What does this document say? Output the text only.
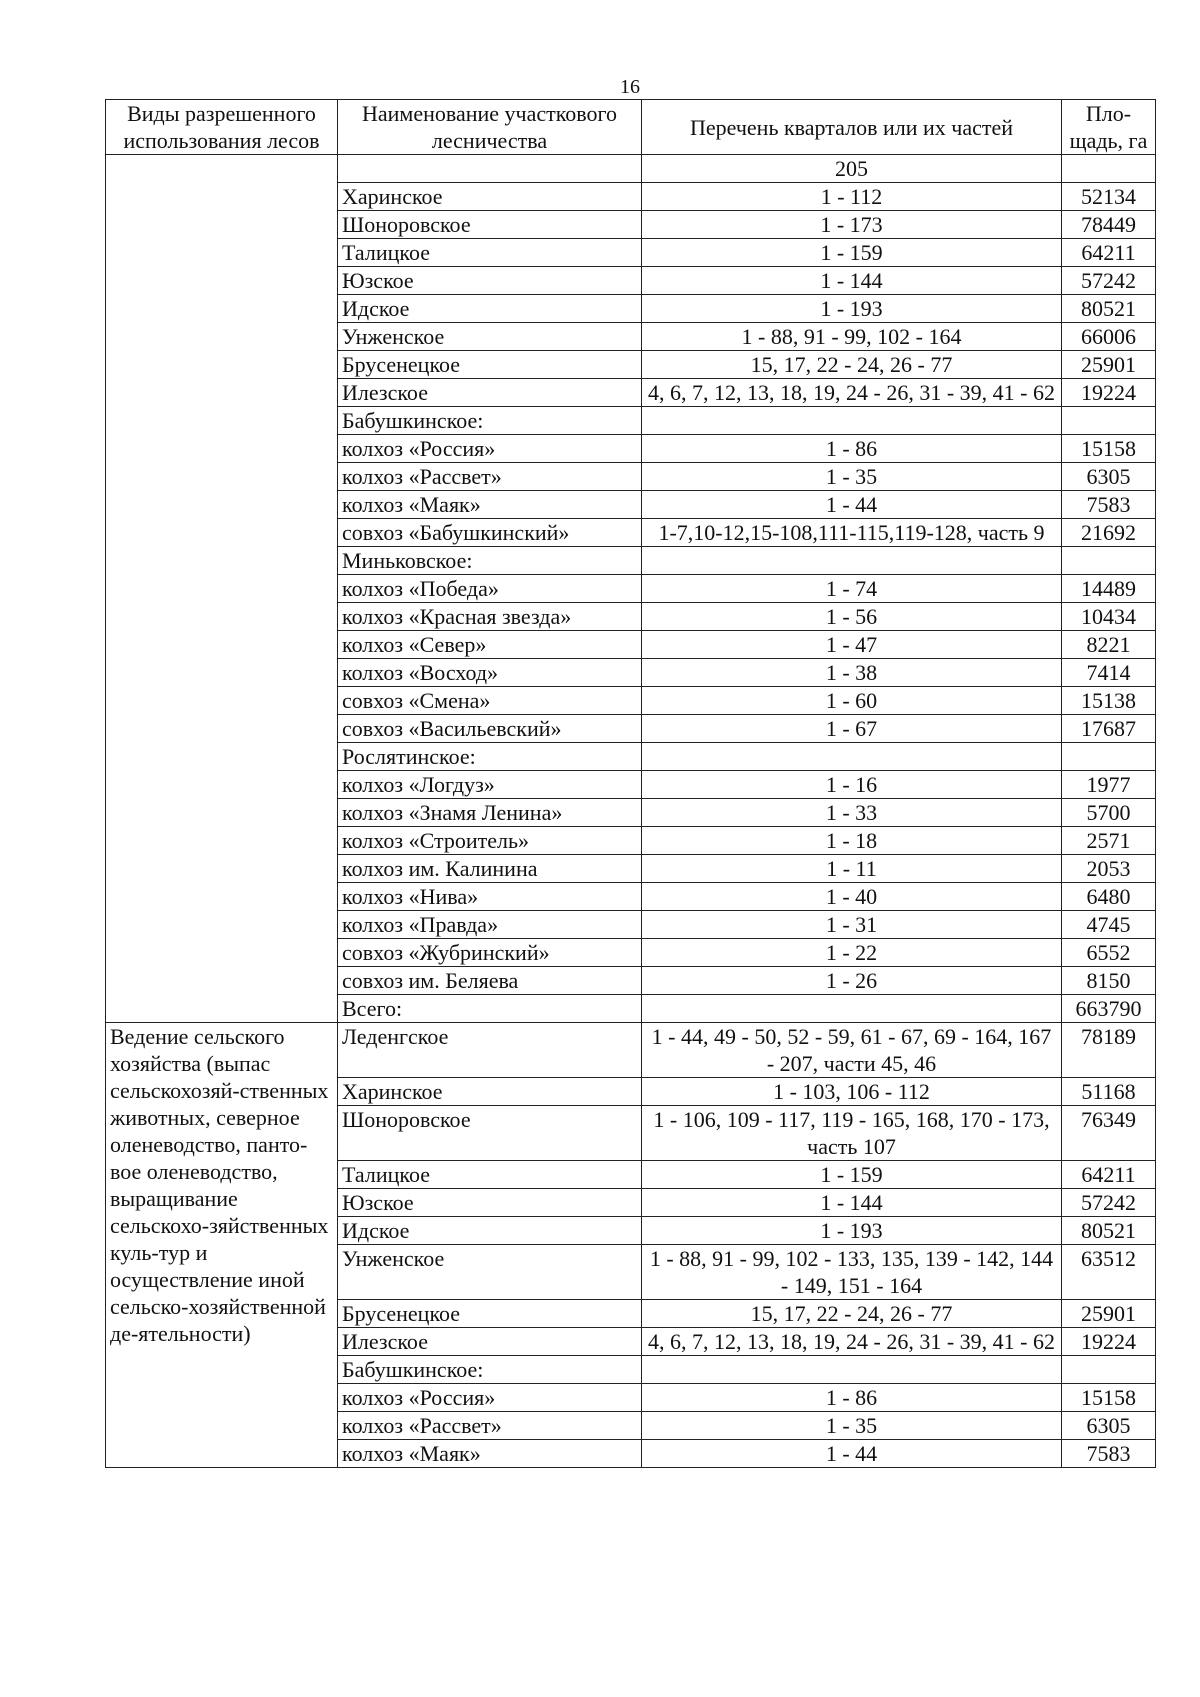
16
Виды разрешенного использования лесов	Наименование участкового лесничества	Перечень кварталов или их частей	Пло-щадь, га

		205	
	Харинское	1 - 112	52134
	Шоноровское	1 - 173	78449
	Талицкое	1 - 159	64211
	Юзское	1 - 144	57242
	Идское	1 - 193	80521
	Унженское	1 - 88, 91 - 99, 102 - 164	66006
	Брусенецкое	15, 17, 22 - 24, 26 - 77	25901
	Илезское	4, 6, 7, 12, 13, 18, 19, 24 - 26, 31 - 39, 41 - 62	19224
	Бабушкинское:		
	колхоз «Россия»	1 - 86	15158
	колхоз «Рассвет»	1 - 35	6305
	колхоз «Маяк»	1 - 44	7583
	совхоз «Бабушкинский»	1-7,10-12,15-108,111-115,119-128, часть 9	21692
	Миньковское:		
	колхоз «Победа»	1 - 74	14489
	колхоз «Красная звезда»	1 - 56	10434
	колхоз «Север»	1 - 47	8221
	колхоз «Восход»	1 - 38	7414
	совхоз «Смена»	1 - 60	15138
	совхоз «Васильевский»	1 - 67	17687
	Рослятинское:		
	колхоз «Логдуз»	1 - 16	1977
	колхоз «Знамя Ленина»	1 - 33	5700
	колхоз «Строитель»	1 - 18	2571
	колхоз им. Калинина	1 - 11	2053
	колхоз «Нива»	1 - 40	6480
	колхоз «Правда»	1 - 31	4745
	совхоз «Жубринский»	1 - 22	6552
	совхоз им. Беляева	1 - 26	8150
	Всего:		663790

Ведение сельского хозяйства (выпас сельскохозяй-ственных животных, северное оленеводство, панто-вое оленеводство, выращивание сельскохо-зяйственных куль-тур и осуществление иной сельско-хозяйственной де-ятельности)	Леденгское	1 - 44, 49 - 50, 52 - 59, 61 - 67, 69 - 164, 167 - 207, части 45, 46	78189
	Харинское	1 - 103, 106 - 112	51168
	Шоноровское	1 - 106, 109 - 117, 119 - 165, 168, 170 - 173, часть 107	76349
	Талицкое	1 - 159	64211
	Юзское	1 - 144	57242
	Идское	1 - 193	80521
	Унженское	1 - 88, 91 - 99, 102 - 133, 135, 139 - 142, 144 - 149, 151 - 164	63512
	Брусенецкое	15, 17, 22 - 24, 26 - 77	25901
	Илезское	4, 6, 7, 12, 13, 18, 19, 24 - 26, 31 - 39, 41 - 62	19224
	Бабушкинское:		
	колхоз «Россия»	1 - 86	15158
	колхоз «Рассвет»	1 - 35	6305
	колхоз «Маяк»	1 - 44	7583
